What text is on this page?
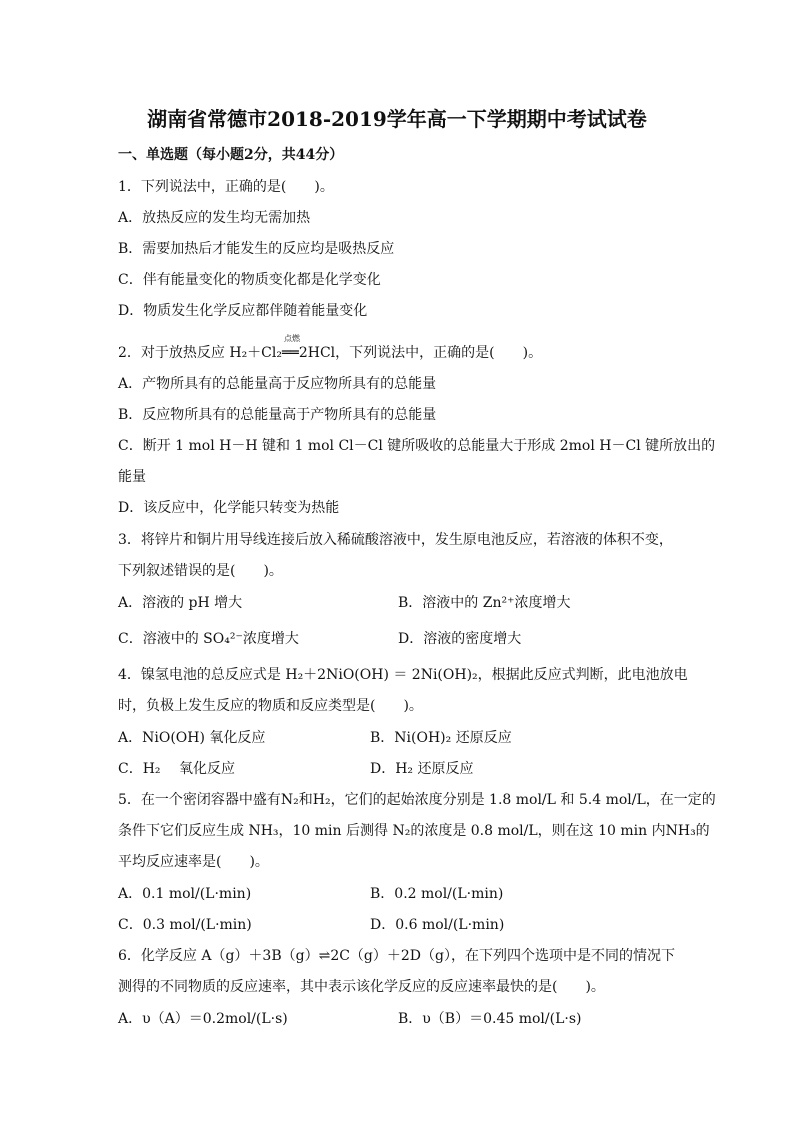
湖南省常德市2018-2019学年高一下学期期中考试试卷
一、单选题（每小题2分，共44分）
1．下列说法中，正确的是(　　)。
A．放热反应的发生均无需加热
B．需要加热后才能发生的反应均是吸热反应
C．伴有能量变化的物质变化都是化学变化
D．物质发生化学反应都伴随着能量变化
2．对于放热反应 H₂＋Cl₂══2HCl，下列说法中，正确的是(　　)。
点燃
A．产物所具有的总能量高于反应物所具有的总能量
B．反应物所具有的总能量高于产物所具有的总能量
C．断开 1 mol H－H 键和 1 mol Cl－Cl 键所吸收的总能量大于形成 2mol H－Cl 键所放出的
能量
D．该反应中，化学能只转变为热能
3．将锌片和铜片用导线连接后放入稀硫酸溶液中，发生原电池反应，若溶液的体积不变，
下列叙述错误的是(　　)。
A．溶液的 pH 增大	B．溶液中的 Zn²⁺浓度增大
C．溶液中的 SO₄²⁻浓度增大	D．溶液的密度增大
4．镍氢电池的总反应式是 H₂＋2NiO(OH) ＝ 2Ni(OH)₂，根据此反应式判断，此电池放电
时，负极上发生反应的物质和反应类型是(　　)。
A．NiO(OH) 氧化反应	B．Ni(OH)₂ 还原反应
C．H₂　 氧化反应	D．H₂ 还原反应
5．在一个密闭容器中盛有N₂和H₂，它们的起始浓度分别是 1.8 mol/L 和 5.4 mol/L，在一定的
条件下它们反应生成 NH₃，10 min 后测得 N₂的浓度是 0.8 mol/L，则在这 10 min 内NH₃的
平均反应速率是(　　)。
A．0.1 mol/(L·min)	B．0.2 mol/(L·min)
C．0.3 mol/(L·min)	D．0.6 mol/(L·min)
6．化学反应 A（g）＋3B（g）⇌2C（g）＋2D（g），在下列四个选项中是不同的情况下
测得的不同物质的反应速率，其中表示该化学反应的反应速率最快的是(　　)。
A．υ（A）＝0.2mol/(L·s)	B．υ（B）＝0.45 mol/(L·s)
